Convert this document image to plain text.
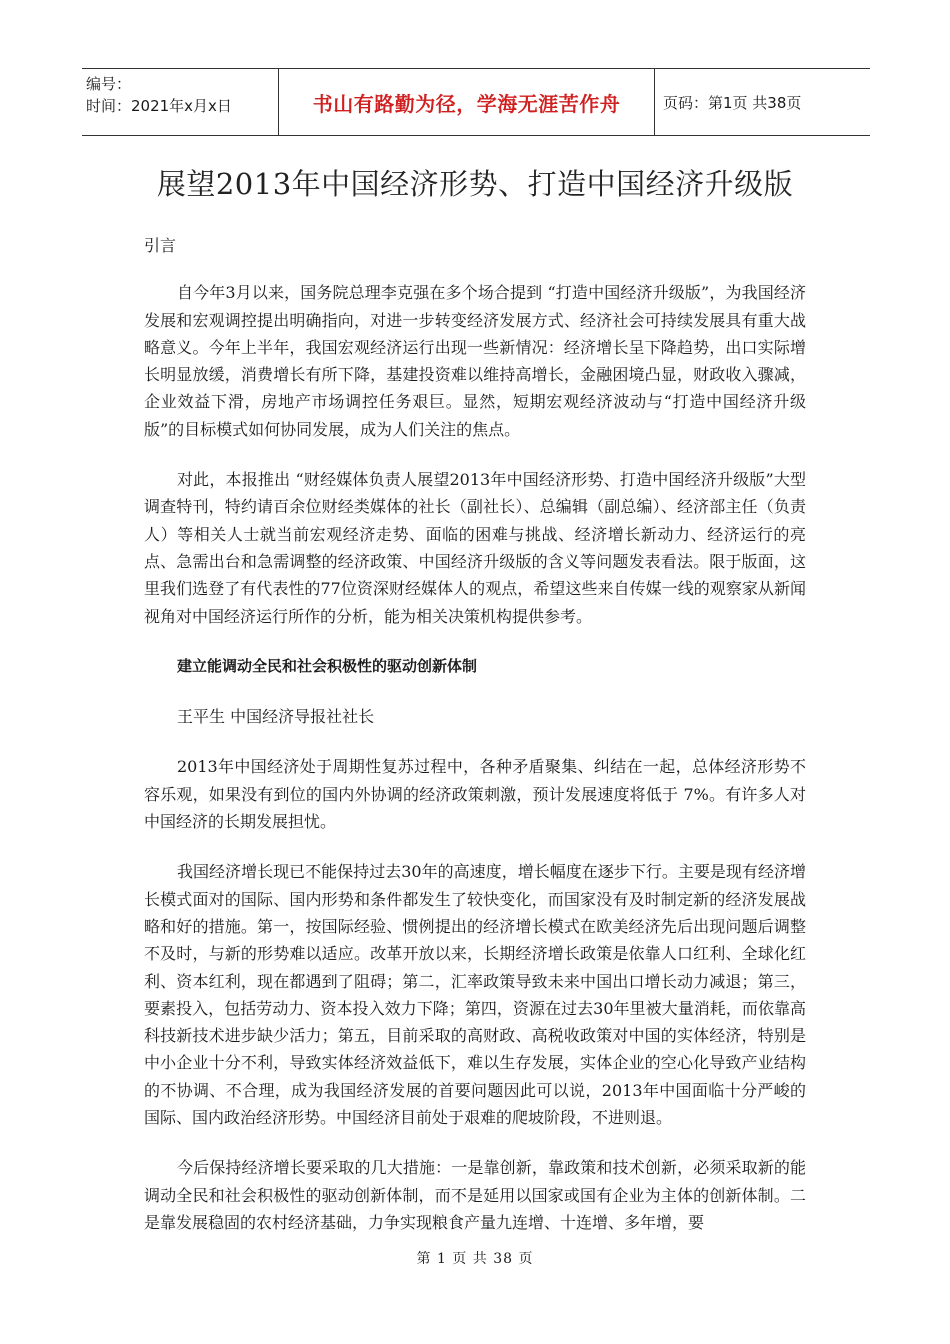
编号：
时间：2021年x月x日	书山有路勤为径，学海无涯苦作舟	页码：第1页 共38页
展望2013年中国经济形势、打造中国经济升级版

引言

自今年3月以来，国务院总理李克强在多个场合提到 “打造中国经济升级版”，为我国经济发展和宏观调控提出明确指向，对进一步转变经济发展方式、经济社会可持续发展具有重大战略意义。今年上半年，我国宏观经济运行出现一些新情况：经济增长呈下降趋势，出口实际增长明显放缓，消费增长有所下降，基建投资难以维持高增长，金融困境凸显，财政收入骤减，企业效益下滑，房地产市场调控任务艰巨。显然，短期宏观经济波动与“打造中国经济升级版”的目标模式如何协同发展，成为人们关注的焦点。

对此，本报推出 “财经媒体负责人展望2013年中国经济形势、打造中国经济升级版”大型调查特刊，特约请百余位财经类媒体的社长（副社长）、总编辑（副总编）、经济部主任（负责人）等相关人士就当前宏观经济走势、面临的困难与挑战、经济增长新动力、经济运行的亮点、急需出台和急需调整的经济政策、中国经济升级版的含义等问题发表看法。限于版面，这里我们选登了有代表性的77位资深财经媒体人的观点，希望这些来自传媒一线的观察家从新闻视角对中国经济运行所作的分析，能为相关决策机构提供参考。

建立能调动全民和社会积极性的驱动创新体制

王平生 中国经济导报社社长

2013年中国经济处于周期性复苏过程中，各种矛盾聚集、纠结在一起，总体经济形势不容乐观，如果没有到位的国内外协调的经济政策刺激，预计发展速度将低于 7%。有许多人对中国经济的长期发展担忧。

我国经济增长现已不能保持过去30年的高速度，增长幅度在逐步下行。主要是现有经济增长模式面对的国际、国内形势和条件都发生了较快变化，而国家没有及时制定新的经济发展战略和好的措施。第一，按国际经验、惯例提出的经济增长模式在欧美经济先后出现问题后调整不及时，与新的形势难以适应。改革开放以来，长期经济增长政策是依靠人口红利、全球化红利、资本红利，现在都遇到了阻碍；第二，汇率政策导致未来中国出口增长动力减退；第三，要素投入，包括劳动力、资本投入效力下降；第四，资源在过去30年里被大量消耗，而依靠高科技新技术进步缺少活力；第五，目前采取的高财政、高税收政策对中国的实体经济，特别是中小企业十分不利，导致实体经济效益低下，难以生存发展，实体企业的空心化导致产业结构的不协调、不合理，成为我国经济发展的首要问题因此可以说，2013年中国面临十分严峻的国际、国内政治经济形势。中国经济目前处于艰难的爬坡阶段，不进则退。

今后保持经济增长要采取的几大措施：一是靠创新，靠政策和技术创新，必须采取新的能调动全民和社会积极性的驱动创新体制，而不是延用以国家或国有企业为主体的创新体制。二是靠发展稳固的农村经济基础，力争实现粮食产量九连增、十连增、多年增，要

第 1 页 共 38 页
